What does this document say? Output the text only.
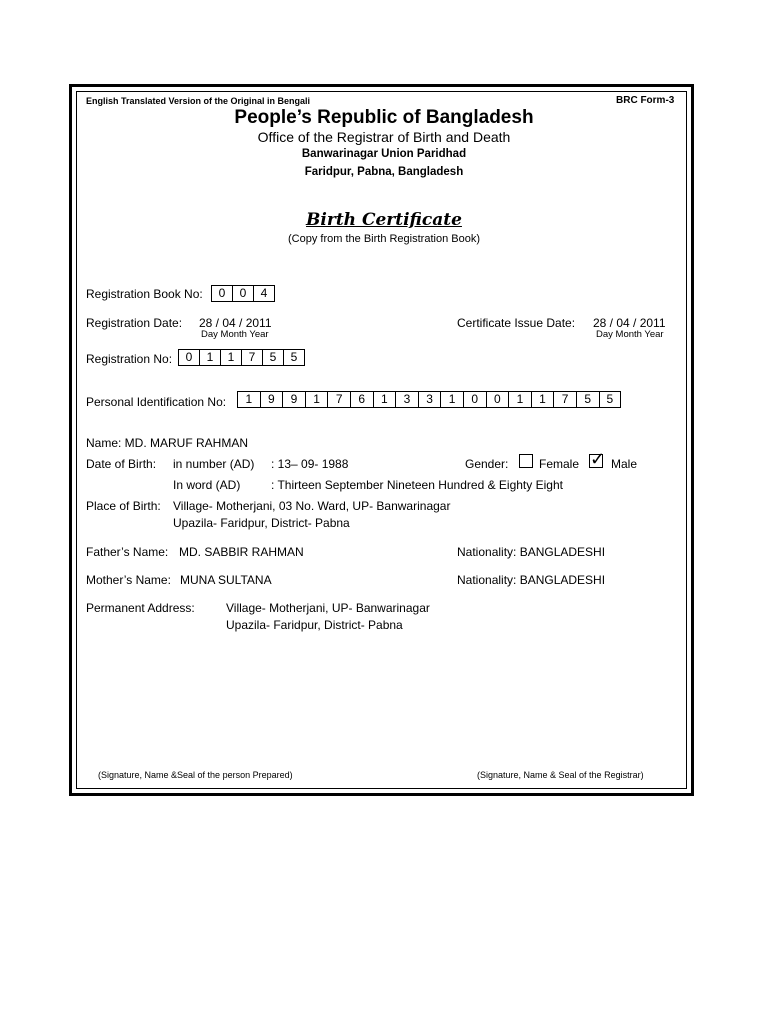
English Translated Version of the Original in Bengali	BRC Form-3
People’s Republic of Bangladesh
Office of the Registrar of Birth and Death
Banwarinagar Union Paridhad
Faridpur, Pabna, Bangladesh
Birth Certificate
(Copy from the Birth Registration Book)
Registration Book No:	0	0	4
Registration Date: 28 / 04 / 2011
Day Month Year
Certificate Issue Date: 28 / 04 / 2011
Day Month Year
Registration No:	0	1	1	7	5	5
Personal Identification No:	1	9	9	1	7	6	1	3	3	1	0	0	1	1	7	5	5
Name: MD. MARUF RAHMAN
Date of Birth: in number (AD) : 13– 09- 1988	Gender:	Female ✓ Male
In word (AD)	: Thirteen September Nineteen Hundred & Eighty Eight
Place of Birth: Village- Motherjani, 03 No. Ward, UP- Banwarinagar
Upazila- Faridpur, District- Pabna
Father’s Name: MD. SABBIR RAHMAN	Nationality: BANGLADESHI
Mother’s Name: MUNA SULTANA	Nationality: BANGLADESHI
Permanent Address:	Village- Motherjani, UP- Banwarinagar
Upazila- Faridpur, District- Pabna
(Signature, Name &Seal of the person Prepared)	(Signature, Name & Seal of the Registrar)
